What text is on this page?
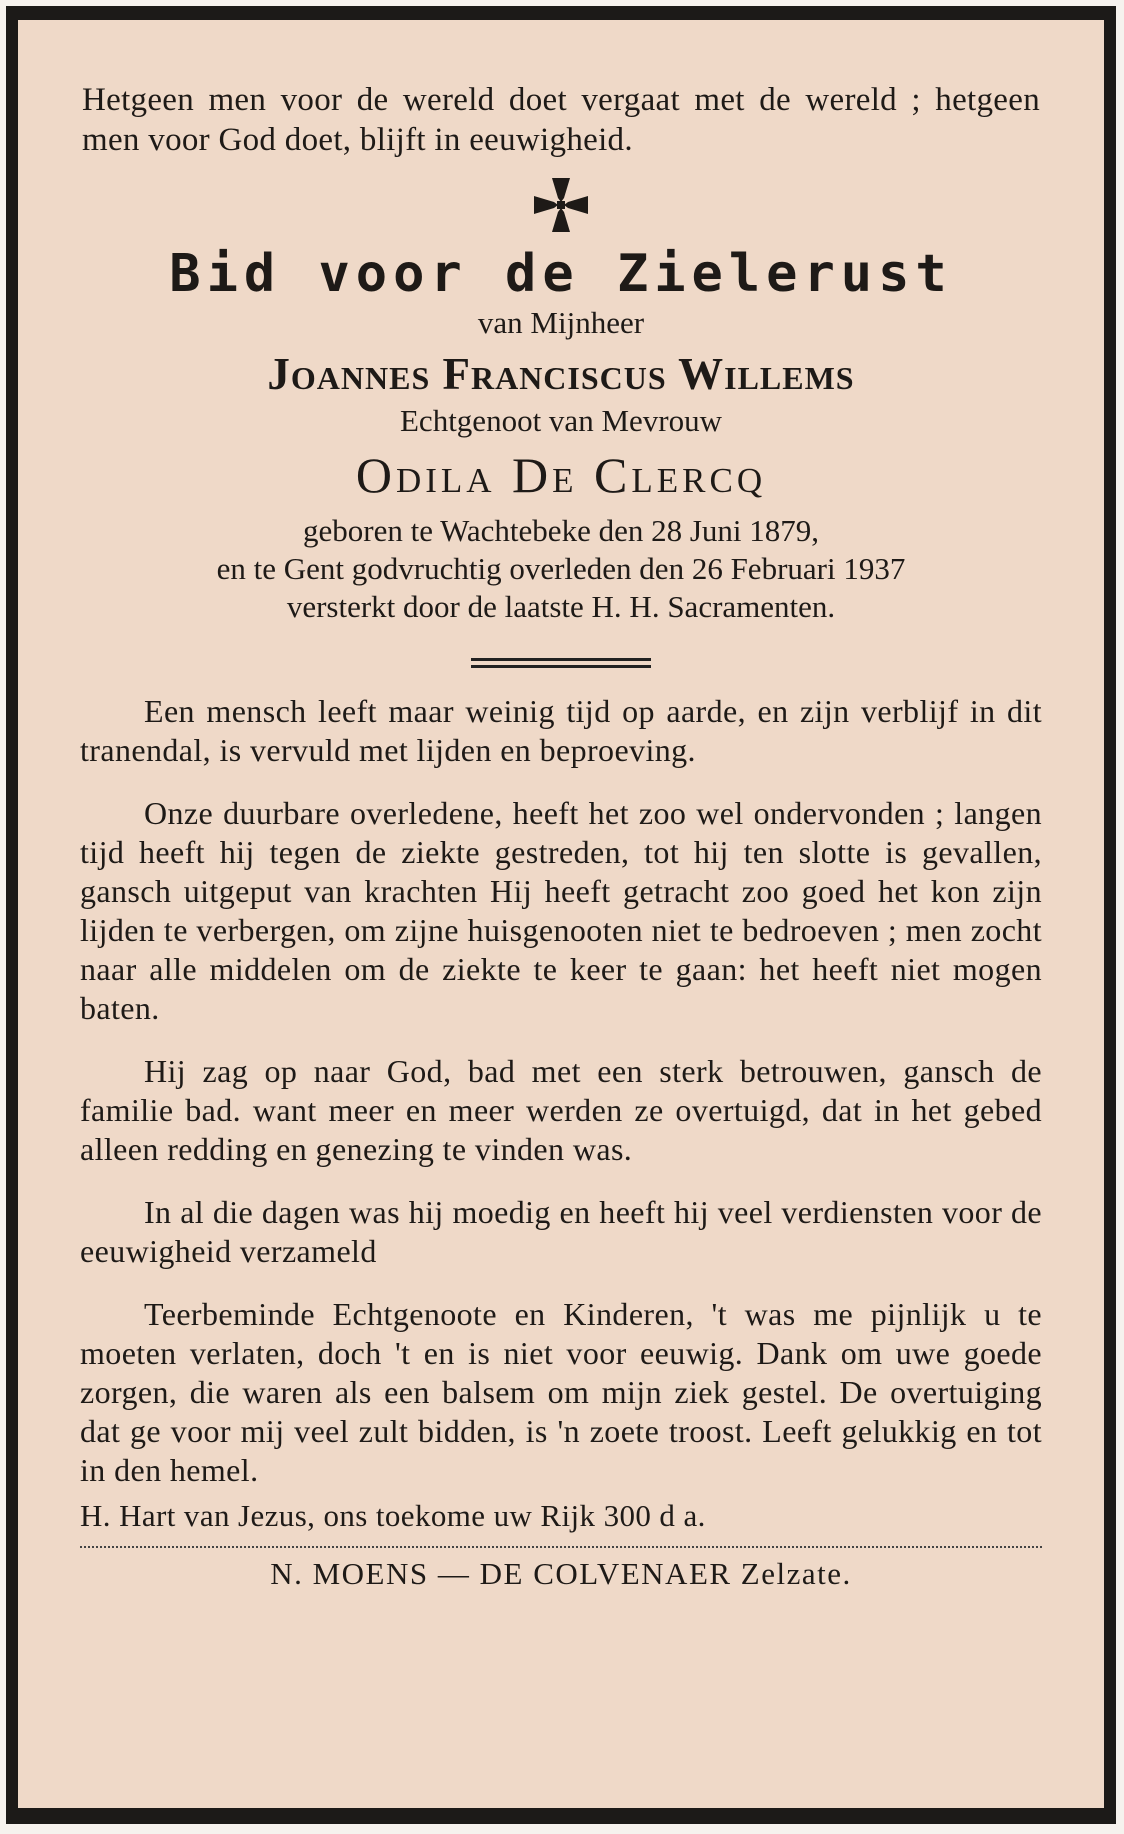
Hetgeen men voor de wereld doet vergaat met de wereld ; hetgeen men voor God doet, blijft in eeuwigheid.
Bid voor de Zielerust
van Mijnheer
Joannes Franciscus Willems
Echtgenoot van Mevrouw
Odila De Clercq
geboren te Wachtebeke den 28 Juni 1879,
en te Gent godvruchtig overleden den 26 Februari 1937
versterkt door de laatste H. H. Sacramenten.
Een mensch leeft maar weinig tijd op aarde, en zijn verblijf in dit tranendal, is vervuld met lijden en beproeving.
Onze duurbare overledene, heeft het zoo wel ondervonden ; langen tijd heeft hij tegen de ziekte gestreden, tot hij ten slotte is gevallen, gansch uitgeput van krachten Hij heeft getracht zoo goed het kon zijn lijden te verbergen, om zijne huisgenooten niet te bedroeven ; men zocht naar alle middelen om de ziekte te keer te gaan: het heeft niet mogen baten.
Hij zag op naar God, bad met een sterk betrouwen, gansch de familie bad. want meer en meer werden ze overtuigd, dat in het gebed alleen redding en genezing te vinden was.
In al die dagen was hij moedig en heeft hij veel verdiensten voor de eeuwigheid verzameld
Teerbeminde Echtgenoote en Kinderen, 't was me pijnlijk u te moeten verlaten, doch 't en is niet voor eeuwig. Dank om uwe goede zorgen, die waren als een balsem om mijn ziek gestel. De overtuiging dat ge voor mij veel zult bidden, is 'n zoete troost. Leeft gelukkig en tot in den hemel.
H. Hart van Jezus, ons toekome uw Rijk 300 d a.
N. MOENS — DE COLVENAER Zelzate.
